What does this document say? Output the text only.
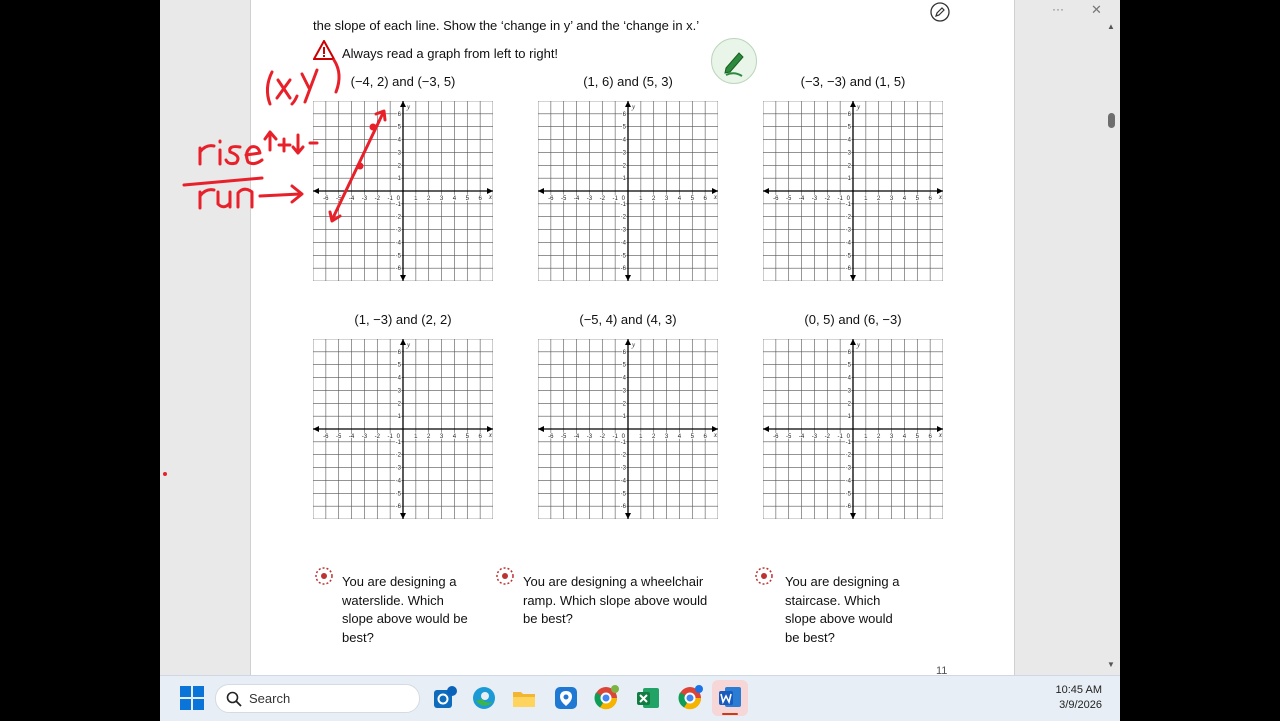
the slope of each line. Show the ‘change in y’ and the ‘change in x.’
Always read a graph from left to right!
(−4, 2) and (−3, 5)	(1, 6) and (5, 3)	(−3, −3) and (1, 5)
(1, −3) and (2, 2)	(−5, 4) and (4, 3)	(0, 5) and (6, −3)
-6
-6
-5
-5
-4
-4
-3
-3
-2
-2
-1
-1
1
1
2
2
3
3
4
4
5
5
6
6
0	x
y
-6
-6
-5
-5
-4
-4
-3
-3
-2
-2
-1
-1
1
1
2
2
3
3
4
4
5
5
6
6
0	x
y
-6
-6
-5
-5
-4
-4
-3
-3
-2
-2
-1
-1
1
1
2
2
3
3
4
4
5
5
6
6
0	x
y
-6
-6
-5
-5
-4
-4
-3
-3
-2
-2
-1
-1
1
1
2
2
3
3
4
4
5
5
6
6
0	x
y
-6
-6
-5
-5
-4
-4
-3
-3
-2
-2
-1
-1
1
1
2
2
3
3
4
4
5
5
6
6
0	x
y
-6
-6
-5
-5
-4
-4
-3
-3
-2
-2
-1
-1
1
1
2
2
3
3
4
4
5
5
6
6
0	x
y
You are designing a
waterslide. Which
slope above would be
best?
You are designing a wheelchair
ramp. Which slope above would
be best?
You are designing a
staircase. Which
slope above would
be best?
11
··· ✕
▲
▼
Search
10:45 AM
3/9/2026
